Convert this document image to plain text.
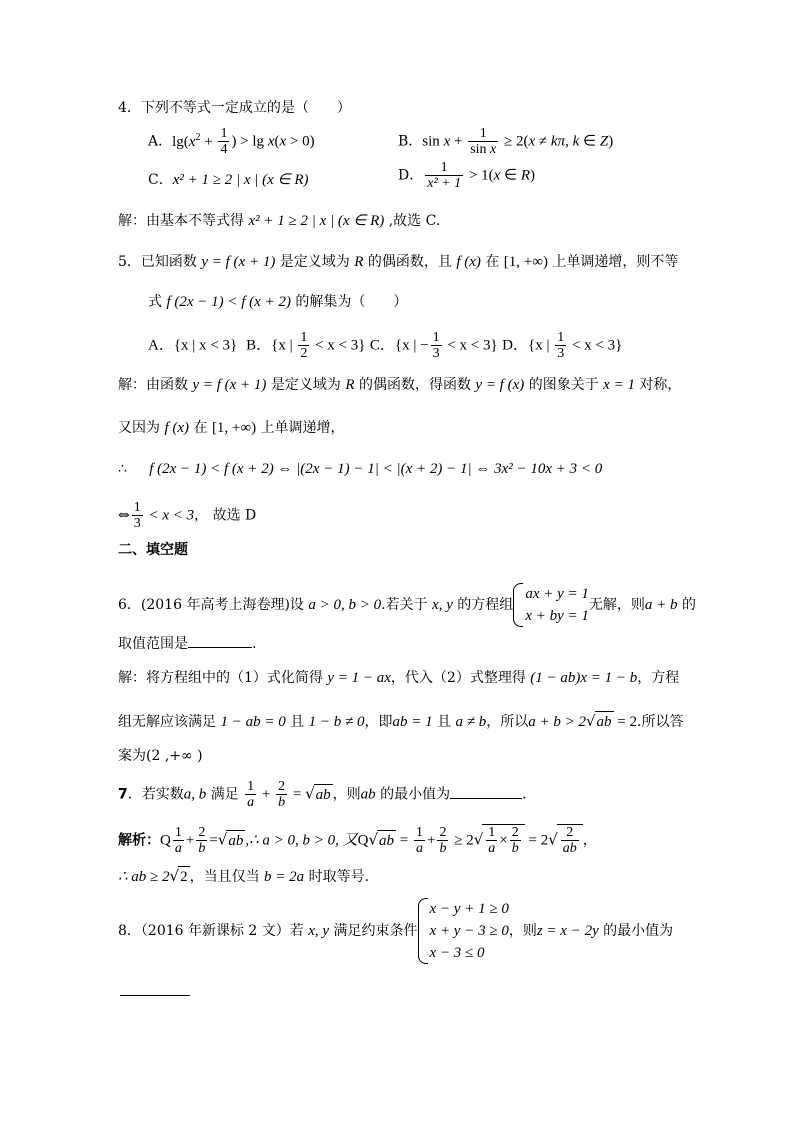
4．下列不等式一定成立的是（　　）
A．$\lg(x^2 + \frac{1}{4}$ ) > lg x(x > 0)	B．$\sin x + \frac{1}{\text{sin x}} \ge 2(x \ne k\pi$, k ∈ Z)
C．x² + 1 ≥ 2 | x | (x ∈ R)	D． $\frac{1}{\text{x² + 1}} > 1(x$ ∈ R)
解：由基本不等式得 x² + 1 ≥ 2 | x | (x ∈ R) ,故选 C.
5．已知函数 y = f (x + 1) 是定义域为 R 的偶函数，且 f (x) 在 [1, +∞) 上单调递增，则不等
式 f (2x − 1) < f (x + 2) 的解集为（　　）
A．{x | x < 3} B．{x | $\frac{1}{2} < x < 3$} C．{x | − $\frac{1}{3} < x < 3$} D．{x | $\frac{1}{3} < x < 3$}
解：由函数 y = f (x + 1) 是定义域为 R 的偶函数，得函数 y = f (x) 的图象关于 x = 1 对称，
又因为 f (x) 在 [1, +∞) 上单调递增，
∴ f (2x − 1) < f (x + 2) ⇔ |(2x − 1) − 1| < |(x + 2) − 1| ⇔ 3x² − 10x + 3 < 0
⇔ $\frac{1}{3} < x < 3$， 故选 D
二、填空题
6．(2016 年高考上海卷理)设 a > 0, b > 0.若关于 x, y 的方程组
ax + y = 1
x + by = 1
无解，则a + b 的
取值范围是	.
解：将方程组中的（1）式化简得 y = 1 − ax，代入（2）式整理得 (1 − ab)x = 1 − b，方程
组无解应该满足 1 − ab = 0 且 1 − b ≠ 0，即ab = 1 且 a ≠ b，所以a + b > 2√ab = 2.所以答
案为(2 ,+∞ )
7．若实数a, b 满足 $\frac{1}{a} + \frac{2}{b} = √ab$ ，则ab 的最小值为	.
解析：Q $\frac{1}{a} + \frac{2}{b} =√ab$ ,∴ a > 0, b > 0, 又$Q√ab = \frac{1}{a} + \frac{2}{b} \ge 2√ \frac{1}{a} \times \frac{2}{b} = 2√ \frac{2}{ab}$ ，
∴ ab ≥ 2√2 ，当且仅当 b = 2a 时取等号.
8．（2016 年新课标 2 文）若 x, y 满足约束条件
x − y + 1 ≥ 0
x + y − 3 ≥ 0
x − 3 ≤ 0
，则z = x − 2y 的最小值为
